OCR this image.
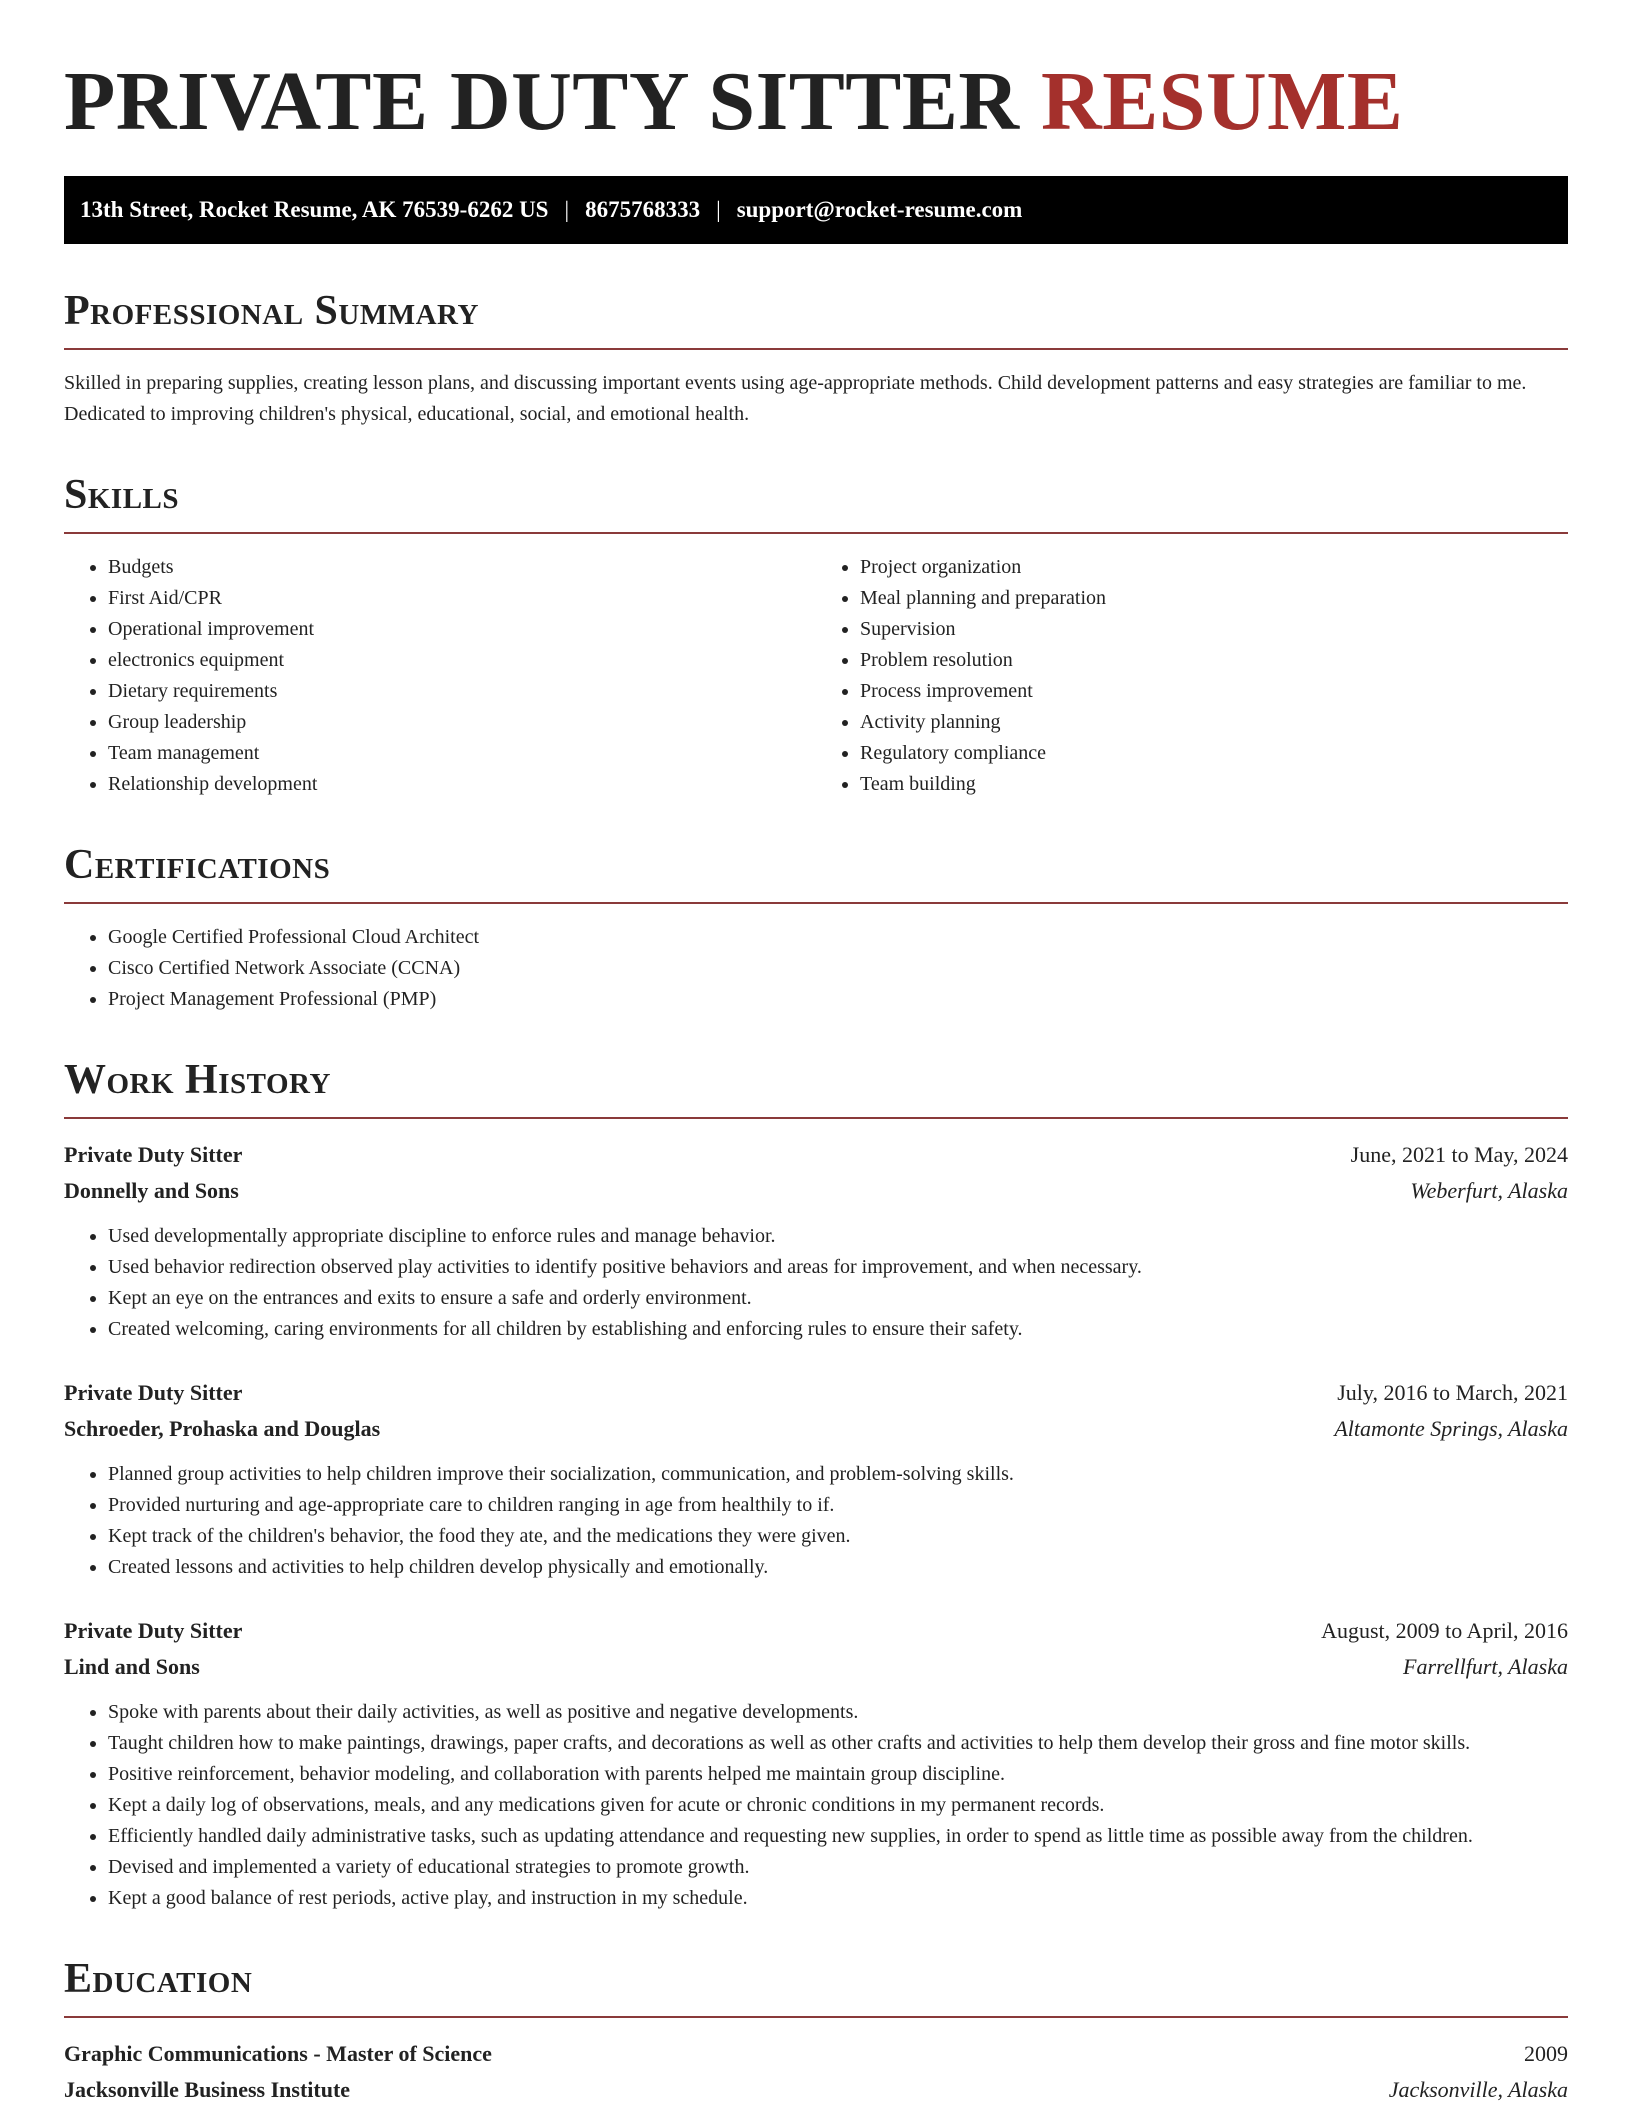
PRIVATE DUTY SITTER RESUME
13th Street, Rocket Resume, AK 76539-6262 US | 8675768333 | support@rocket-resume.com
Professional Summary

Skilled in preparing supplies, creating lesson plans, and discussing important events using age-appropriate methods. Child development patterns and easy strategies are familiar to me. Dedicated to improving children's physical, educational, social, and emotional health.

Skills
• Budgets
• First Aid/CPR
• Operational improvement
• electronics equipment
• Dietary requirements
• Group leadership
• Team management
• Relationship development
• Project organization
• Meal planning and preparation
• Supervision
• Problem resolution
• Process improvement
• Activity planning
• Regulatory compliance
• Team building
Certifications
• Google Certified Professional Cloud Architect
• Cisco Certified Network Associate (CCNA)
• Project Management Professional (PMP)
Work History
Private Duty Sitter	June, 2021 to May, 2024
Donnelly and Sons	Weberfurt, Alaska
• Used developmentally appropriate discipline to enforce rules and manage behavior.
• Used behavior redirection observed play activities to identify positive behaviors and areas for improvement, and when necessary.
• Kept an eye on the entrances and exits to ensure a safe and orderly environment.
• Created welcoming, caring environments for all children by establishing and enforcing rules to ensure their safety.
Private Duty Sitter	July, 2016 to March, 2021
Schroeder, Prohaska and Douglas	Altamonte Springs, Alaska
• Planned group activities to help children improve their socialization, communication, and problem-solving skills.
• Provided nurturing and age-appropriate care to children ranging in age from healthily to if.
• Kept track of the children's behavior, the food they ate, and the medications they were given.
• Created lessons and activities to help children develop physically and emotionally.
Private Duty Sitter	August, 2009 to April, 2016
Lind and Sons	Farrellfurt, Alaska
• Spoke with parents about their daily activities, as well as positive and negative developments.
• Taught children how to make paintings, drawings, paper crafts, and decorations as well as other crafts and activities to help them develop their gross and fine motor skills.
• Positive reinforcement, behavior modeling, and collaboration with parents helped me maintain group discipline.
• Kept a daily log of observations, meals, and any medications given for acute or chronic conditions in my permanent records.
• Efficiently handled daily administrative tasks, such as updating attendance and requesting new supplies, in order to spend as little time as possible away from the children.
• Devised and implemented a variety of educational strategies to promote growth.
• Kept a good balance of rest periods, active play, and instruction in my schedule.
Education
Graphic Communications - Master of Science	2009
Jacksonville Business Institute	Jacksonville, Alaska
